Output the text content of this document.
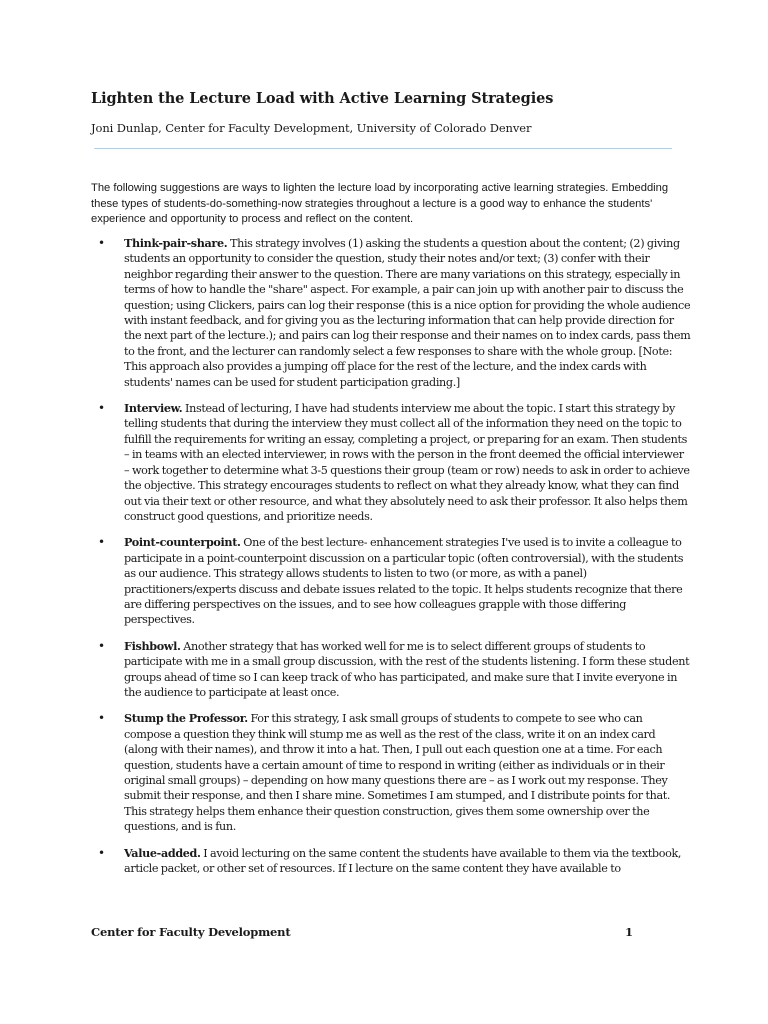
Lighten the Lecture Load with Active Learning Strategies
Joni Dunlap, Center for Faculty Development, University of Colorado Denver

The following suggestions are ways to lighten the lecture load by incorporating active learning strategies. Embedding these types of students-do-something-now strategies throughout a lecture is a good way to enhance the students' experience and opportunity to process and reflect on the content.

• Think-pair-share. This strategy involves (1) asking the students a question about the content; (2) giving students an opportunity to consider the question, study their notes and/or text; (3) confer with their neighbor regarding their answer to the question. There are many variations on this strategy, especially in terms of how to handle the "share" aspect. For example, a pair can join up with another pair to discuss the question; using Clickers, pairs can log their response (this is a nice option for providing the whole audience with instant feedback, and for giving you as the lecturing information that can help provide direction for the next part of the lecture.); and pairs can log their response and their names on to index cards, pass them to the front, and the lecturer can randomly select a few responses to share with the whole group. [Note: This approach also provides a jumping off place for the rest of the lecture, and the index cards with students' names can be used for student participation grading.]
• Interview. Instead of lecturing, I have had students interview me about the topic. I start this strategy by telling students that during the interview they must collect all of the information they need on the topic to fulfill the requirements for writing an essay, completing a project, or preparing for an exam. Then students – in teams with an elected interviewer, in rows with the person in the front deemed the official interviewer – work together to determine what 3-5 questions their group (team or row) needs to ask in order to achieve the objective. This strategy encourages students to reflect on what they already know, what they can find out via their text or other resource, and what they absolutely need to ask their professor. It also helps them construct good questions, and prioritize needs.
• Point-counterpoint. One of the best lecture- enhancement strategies I've used is to invite a colleague to participate in a point-counterpoint discussion on a particular topic (often controversial), with the students as our audience. This strategy allows students to listen to two (or more, as with a panel) practitioners/experts discuss and debate issues related to the topic. It helps students recognize that there are differing perspectives on the issues, and to see how colleagues grapple with those differing perspectives.
• Fishbowl. Another strategy that has worked well for me is to select different groups of students to participate with me in a small group discussion, with the rest of the students listening. I form these student groups ahead of time so I can keep track of who has participated, and make sure that I invite everyone in the audience to participate at least once.
• Stump the Professor. For this strategy, I ask small groups of students to compete to see who can compose a question they think will stump me as well as the rest of the class, write it on an index card (along with their names), and throw it into a hat. Then, I pull out each question one at a time. For each question, students have a certain amount of time to respond in writing (either as individuals or in their original small groups) – depending on how many questions there are – as I work out my response. They submit their response, and then I share mine. Sometimes I am stumped, and I distribute points for that. This strategy helps them enhance their question construction, gives them some ownership over the questions, and is fun.
• Value-added. I avoid lecturing on the same content the students have available to them via the textbook, article packet, or other set of resources. If I lecture on the same content they have available to
Center for Faculty Development	1
